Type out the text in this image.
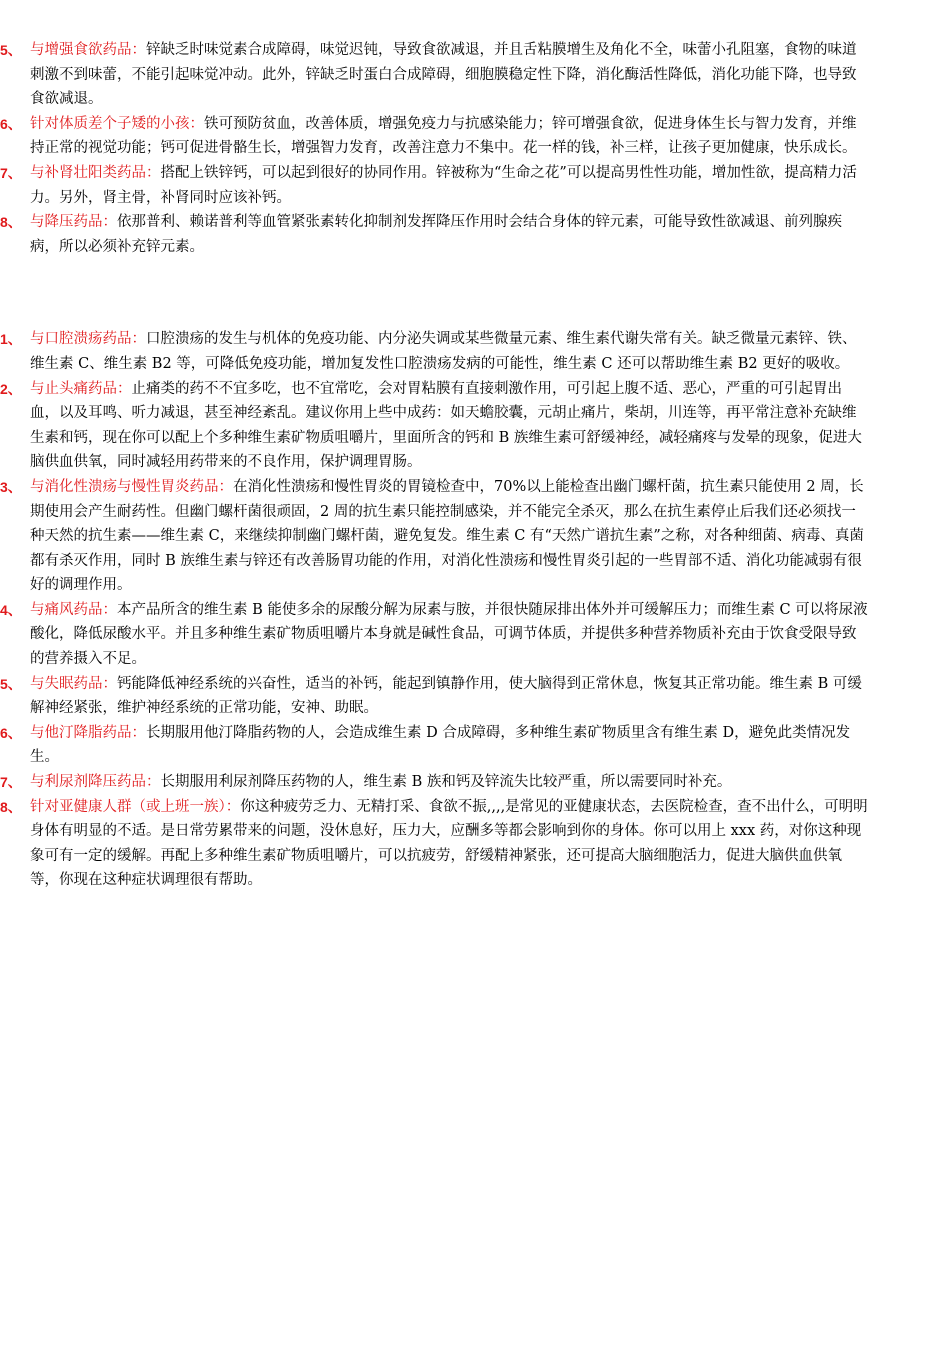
5、 与增强食欲药品：锌缺乏时味觉素合成障碍，味觉迟钝，导致食欲减退，并且舌粘膜增生及角化不全，味蕾小孔阻塞，食物的味道刺激不到味蕾，不能引起味觉冲动。此外，锌缺乏时蛋白合成障碍，细胞膜稳定性下降，消化酶活性降低，消化功能下降，也导致食欲减退。
6、 针对体质差个子矮的小孩：铁可预防贫血，改善体质，增强免疫力与抗感染能力；锌可增强食欲，促进身体生长与智力发育，并维持正常的视觉功能；钙可促进骨骼生长，增强智力发育，改善注意力不集中。花一样的钱，补三样，让孩子更加健康，快乐成长。
7、 与补肾壮阳类药品：搭配上铁锌钙，可以起到很好的协同作用。锌被称为“生命之花”可以提高男性性功能，增加性欲，提高精力活力。另外，肾主骨，补肾同时应该补钙。
8、 与降压药品：依那普利、赖诺普利等血管紧张素转化抑制剂发挥降压作用时会结合身体的锌元素，可能导致性欲减退、前列腺疾病，所以必须补充锌元素。
1、 与口腔溃疡药品：口腔溃疡的发生与机体的免疫功能、内分泌失调或某些微量元素、维生素代谢失常有关。缺乏微量元素锌、铁、维生素 C、维生素 B2 等，可降低免疫功能，增加复发性口腔溃疡发病的可能性，维生素 C 还可以帮助维生素 B2 更好的吸收。
2、 与止头痛药品：止痛类的药不不宜多吃，也不宜常吃，会对胃粘膜有直接刺激作用，可引起上腹不适、恶心，严重的可引起胃出血，以及耳鸣、听力减退，甚至神经紊乱。建议你用上些中成药：如天蟾胶囊，元胡止痛片，柴胡，川连等，再平常注意补充缺维生素和钙，现在你可以配上个多种维生素矿物质咀嚼片，里面所含的钙和 B 族维生素可舒缓神经，减轻痛疼与发晕的现象，促进大脑供血供氧，同时减轻用药带来的不良作用，保护调理胃肠。
3、 与消化性溃疡与慢性胃炎药品：在消化性溃疡和慢性胃炎的胃镜检查中，70%以上能检查出幽门螺杆菌，抗生素只能使用 2 周，长期使用会产生耐药性。但幽门螺杆菌很顽固，2 周的抗生素只能控制感染，并不能完全杀灭，那么在抗生素停止后我们还必须找一种天然的抗生素——维生素 C，来继续抑制幽门螺杆菌，避免复发。维生素 C 有“天然广谱抗生素”之称，对各种细菌、病毒、真菌都有杀灭作用，同时 B 族维生素与锌还有改善肠胃功能的作用，对消化性溃疡和慢性胃炎引起的一些胃部不适、消化功能减弱有很好的调理作用。
4、 与痛风药品：本产品所含的维生素 B 能使多余的尿酸分解为尿素与胺，并很快随尿排出体外并可缓解压力；而维生素 C 可以将尿液酸化，降低尿酸水平。并且多种维生素矿物质咀嚼片本身就是碱性食品，可调节体质，并提供多种营养物质补充由于饮食受限导致的营养摄入不足。
5、 与失眠药品：钙能降低神经系统的兴奋性，适当的补钙，能起到镇静作用，使大脑得到正常休息，恢复其正常功能。维生素 B 可缓解神经紧张，维护神经系统的正常功能，安神、助眠。
6、 与他汀降脂药品：长期服用他汀降脂药物的人，会造成维生素 D 合成障碍，多种维生素矿物质里含有维生素 D，避免此类情况发生。
7、 与利尿剂降压药品：长期服用利尿剂降压药物的人，维生素 B 族和钙及锌流失比较严重，所以需要同时补充。
8、 针对亚健康人群（或上班一族）：你这种疲劳乏力、无精打采、食欲不振,,,,是常见的亚健康状态，去医院检查，查不出什么，可明明身体有明显的不适。是日常劳累带来的问题，没休息好，压力大，应酬多等都会影响到你的身体。你可以用上 xxx 药，对你这种现象可有一定的缓解。再配上多种维生素矿物质咀嚼片，可以抗疲劳，舒缓精神紧张，还可提高大脑细胞活力，促进大脑供血供氧等，你现在这种症状调理很有帮助。
